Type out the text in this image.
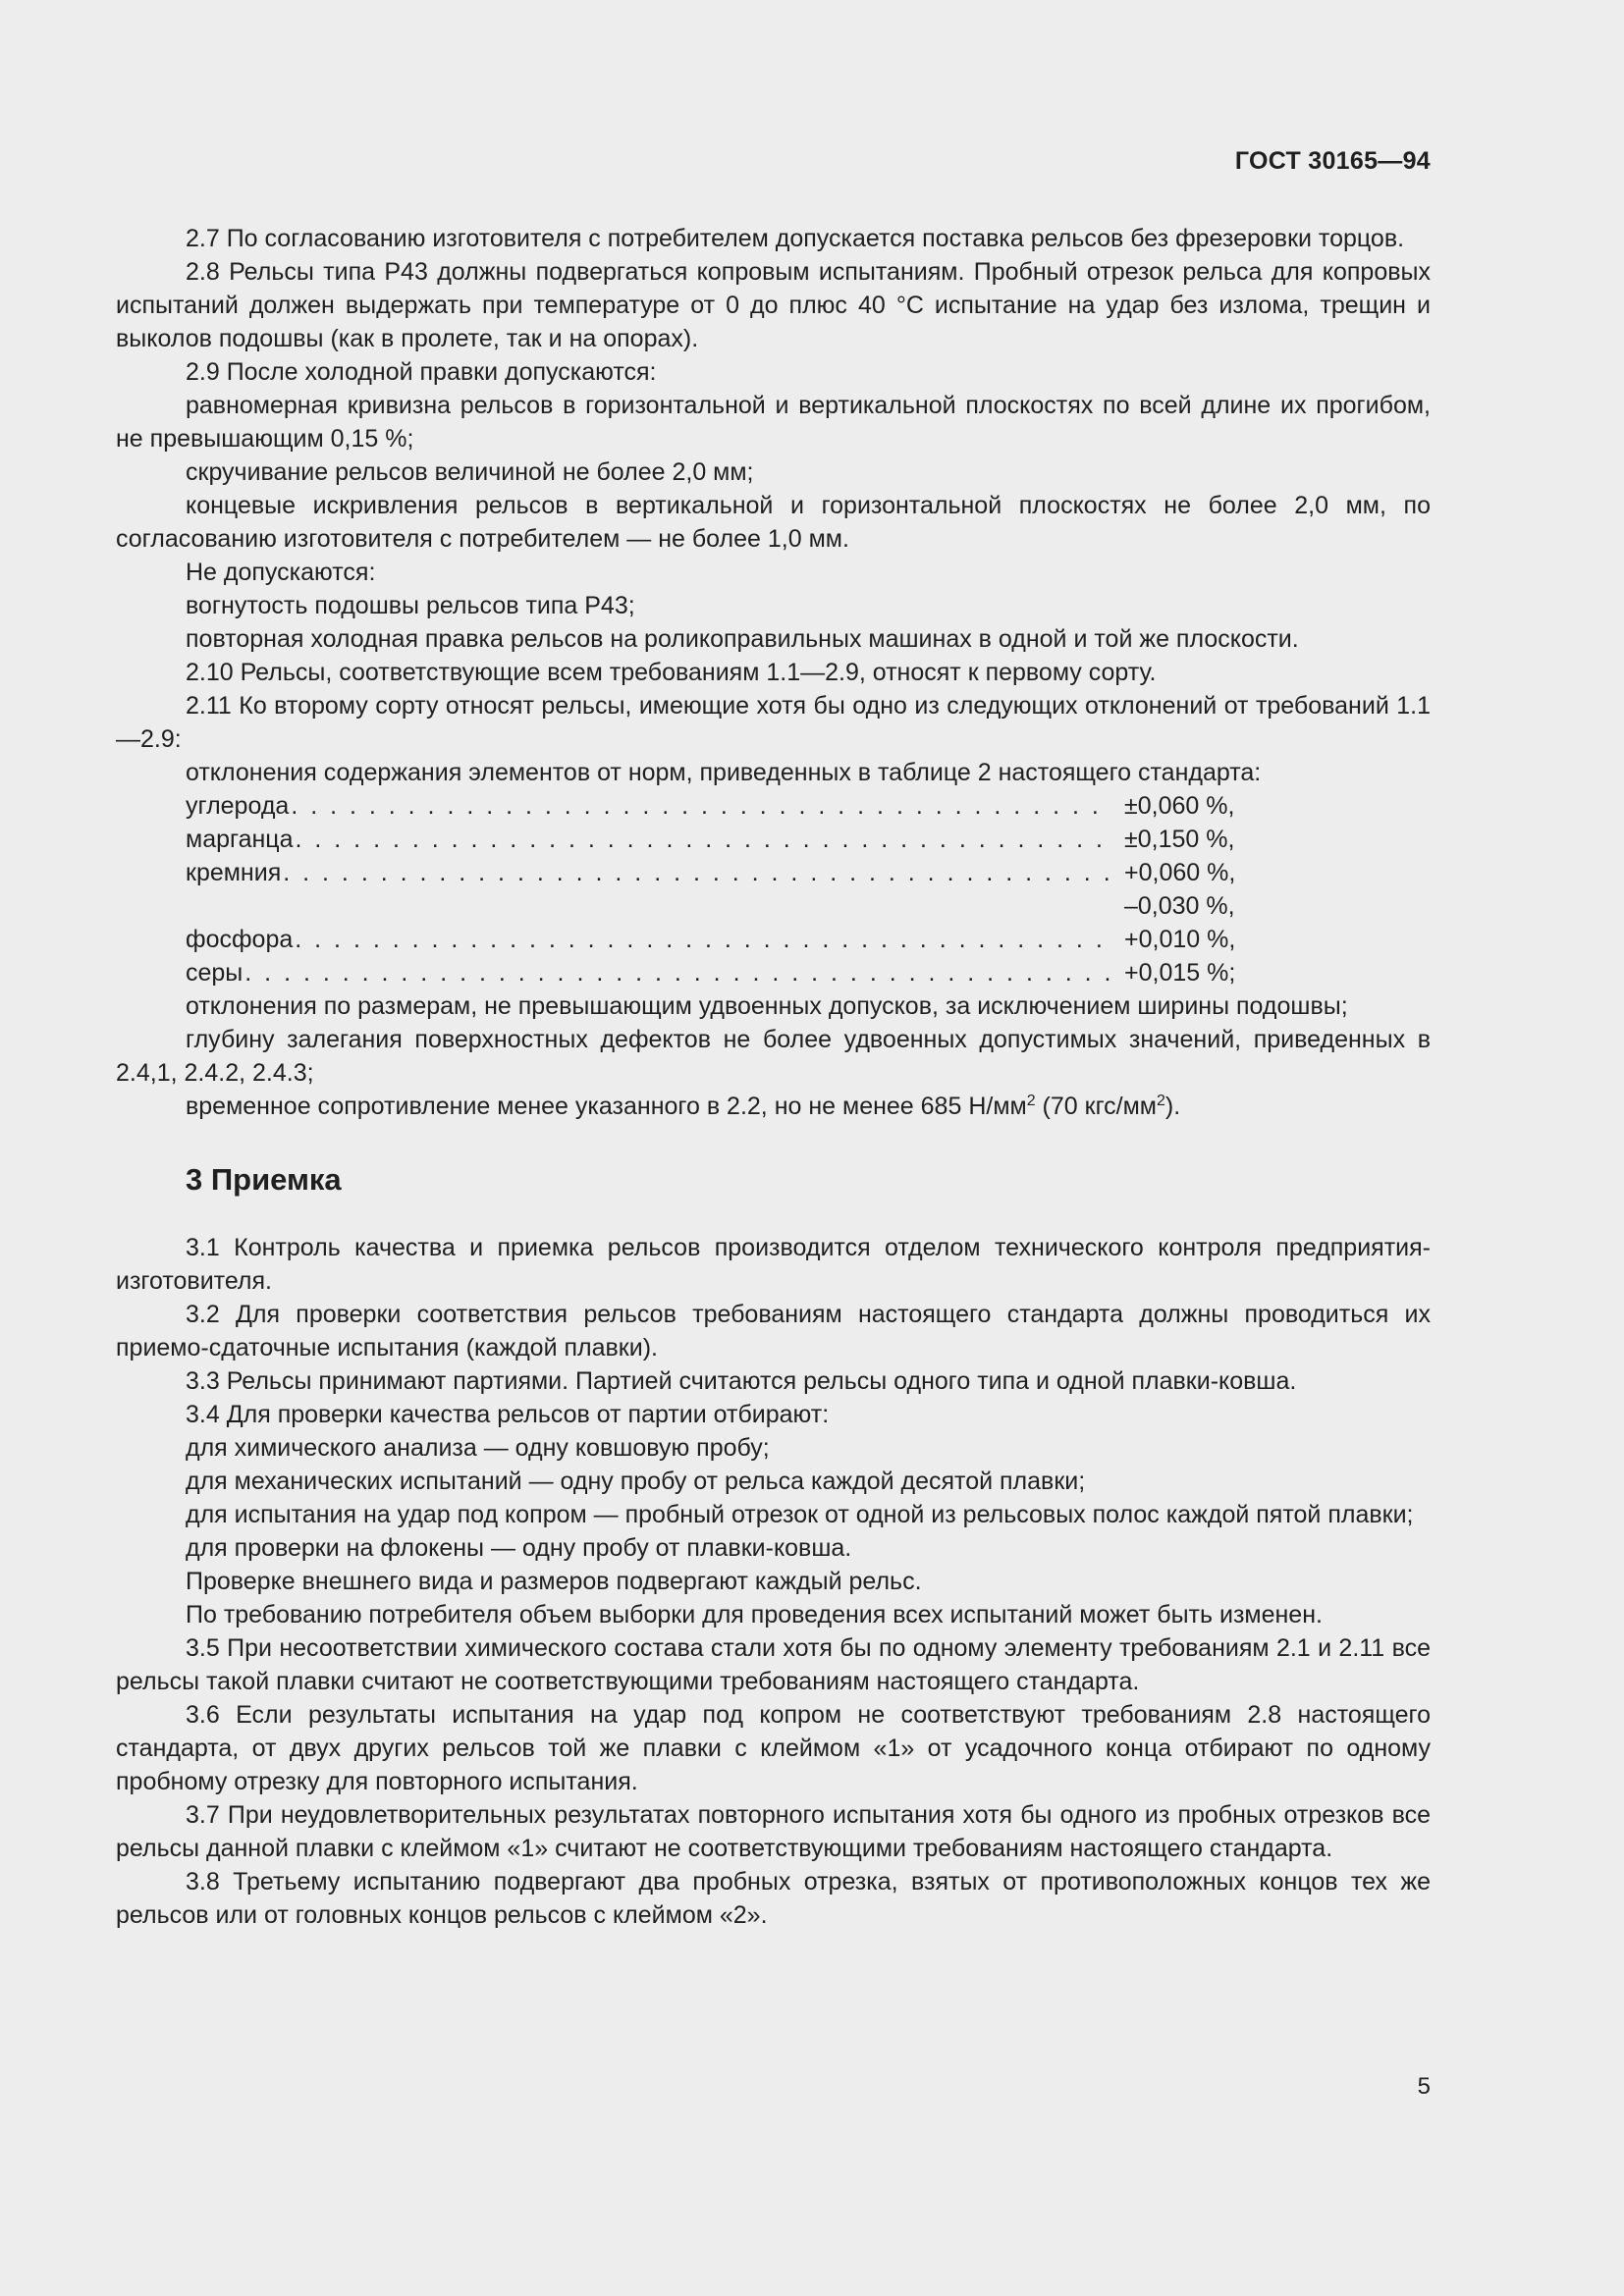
ГОСТ 30165—94

2.7 По согласованию изготовителя с потребителем допускается поставка рельсов без фрезеровки торцов.

2.8 Рельсы типа Р43 должны подвергаться копровым испытаниям. Пробный отрезок рельса для копровых испытаний должен выдержать при температуре от 0 до плюс 40 °С испытание на удар без излома, трещин и выколов подошвы (как в пролете, так и на опорах).

2.9 После холодной правки допускаются:

равномерная кривизна рельсов в горизонтальной и вертикальной плоскостях по всей длине их прогибом, не превышающим 0,15 %;

скручивание рельсов величиной не более 2,0 мм;

концевые искривления рельсов в вертикальной и горизонтальной плоскостях не более 2,0 мм, по согласованию изготовителя с потребителем — не более 1,0 мм.

Не допускаются:

вогнутость подошвы рельсов типа Р43;

повторная холодная правка рельсов на роликоправильных машинах в одной и той же плоскости.

2.10 Рельсы, соответствующие всем требованиям 1.1—2.9, относят к первому сорту.

2.11 Ко второму сорту относят рельсы, имеющие хотя бы одно из следующих отклонений от требований 1.1—2.9:

отклонения содержания элементов от норм, приведенных в таблице 2 настоящего стандарта:

углерода . . .	±0,060 %,
марганца . . .	±0,150 %,
кремния . . .	+0,060 %,
–0,030 %,
фосфора . . .	+0,010 %,
серы . . .	+0,015 %;

отклонения по размерам, не превышающим удвоенных допусков, за исключением ширины подошвы;

глубину залегания поверхностных дефектов не более удвоенных допустимых значений, приведенных в 2.4,1, 2.4.2, 2.4.3;

временное сопротивление менее указанного в 2.2, но не менее 685 $Н/мм^2$ (70 кгс/$мм^2$).

3 Приемка

3.1 Контроль качества и приемка рельсов производится отделом технического контроля предприятия-изготовителя.

3.2 Для проверки соответствия рельсов требованиям настоящего стандарта должны проводиться их приемо-сдаточные испытания (каждой плавки).

3.3 Рельсы принимают партиями. Партией считаются рельсы одного типа и одной плавки-ковша.

3.4 Для проверки качества рельсов от партии отбирают:

для химического анализа — одну ковшовую пробу;

для механических испытаний — одну пробу от рельса каждой десятой плавки;

для испытания на удар под копром — пробный отрезок от одной из рельсовых полос каждой пятой плавки;

для проверки на флокены — одну пробу от плавки-ковша.

Проверке внешнего вида и размеров подвергают каждый рельс.

По требованию потребителя объем выборки для проведения всех испытаний может быть изменен.

3.5 При несоответствии химического состава стали хотя бы по одному элементу требованиям 2.1 и 2.11 все рельсы такой плавки считают не соответствующими требованиям настоящего стандарта.

3.6 Если результаты испытания на удар под копром не соответствуют требованиям 2.8 настоящего стандарта, от двух других рельсов той же плавки с клеймом «1» от усадочного конца отбирают по одному пробному отрезку для повторного испытания.

3.7 При неудовлетворительных результатах повторного испытания хотя бы одного из пробных отрезков все рельсы данной плавки с клеймом «1» считают не соответствующими требованиям настоящего стандарта.

3.8 Третьему испытанию подвергают два пробных отрезка, взятых от противоположных концов тех же рельсов или от головных концов рельсов с клеймом «2».

5
